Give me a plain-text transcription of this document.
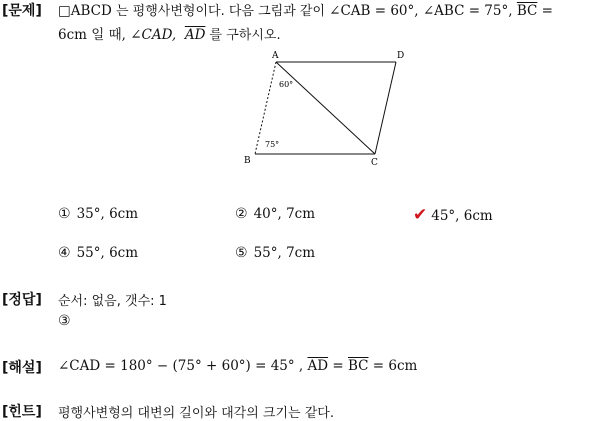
[문제] □ABCD 는 평행사변형이다. 다음 그림과 같이 ∠CAB = 60°, ∠ABC = 75°, $\overline{BC}$ =
6cm 일 때, ∠CAD, $\overline{AD}$ 를 구하시오.
A	D
B	C
60°
75°
① 35°, 6cm	② 40°, 7cm	✔ 45°, 6cm
④ 55°, 6cm	⑤ 55°, 7cm
[정답] 순서: 없음, 갯수: 1
③
[해설] ∠CAD = 180° − (75° + 60°) = 45° , $\overline{AD} = \overline{BC} = 6cm$
[힌트] 평행사변형의 대변의 길이와 대각의 크기는 같다.
